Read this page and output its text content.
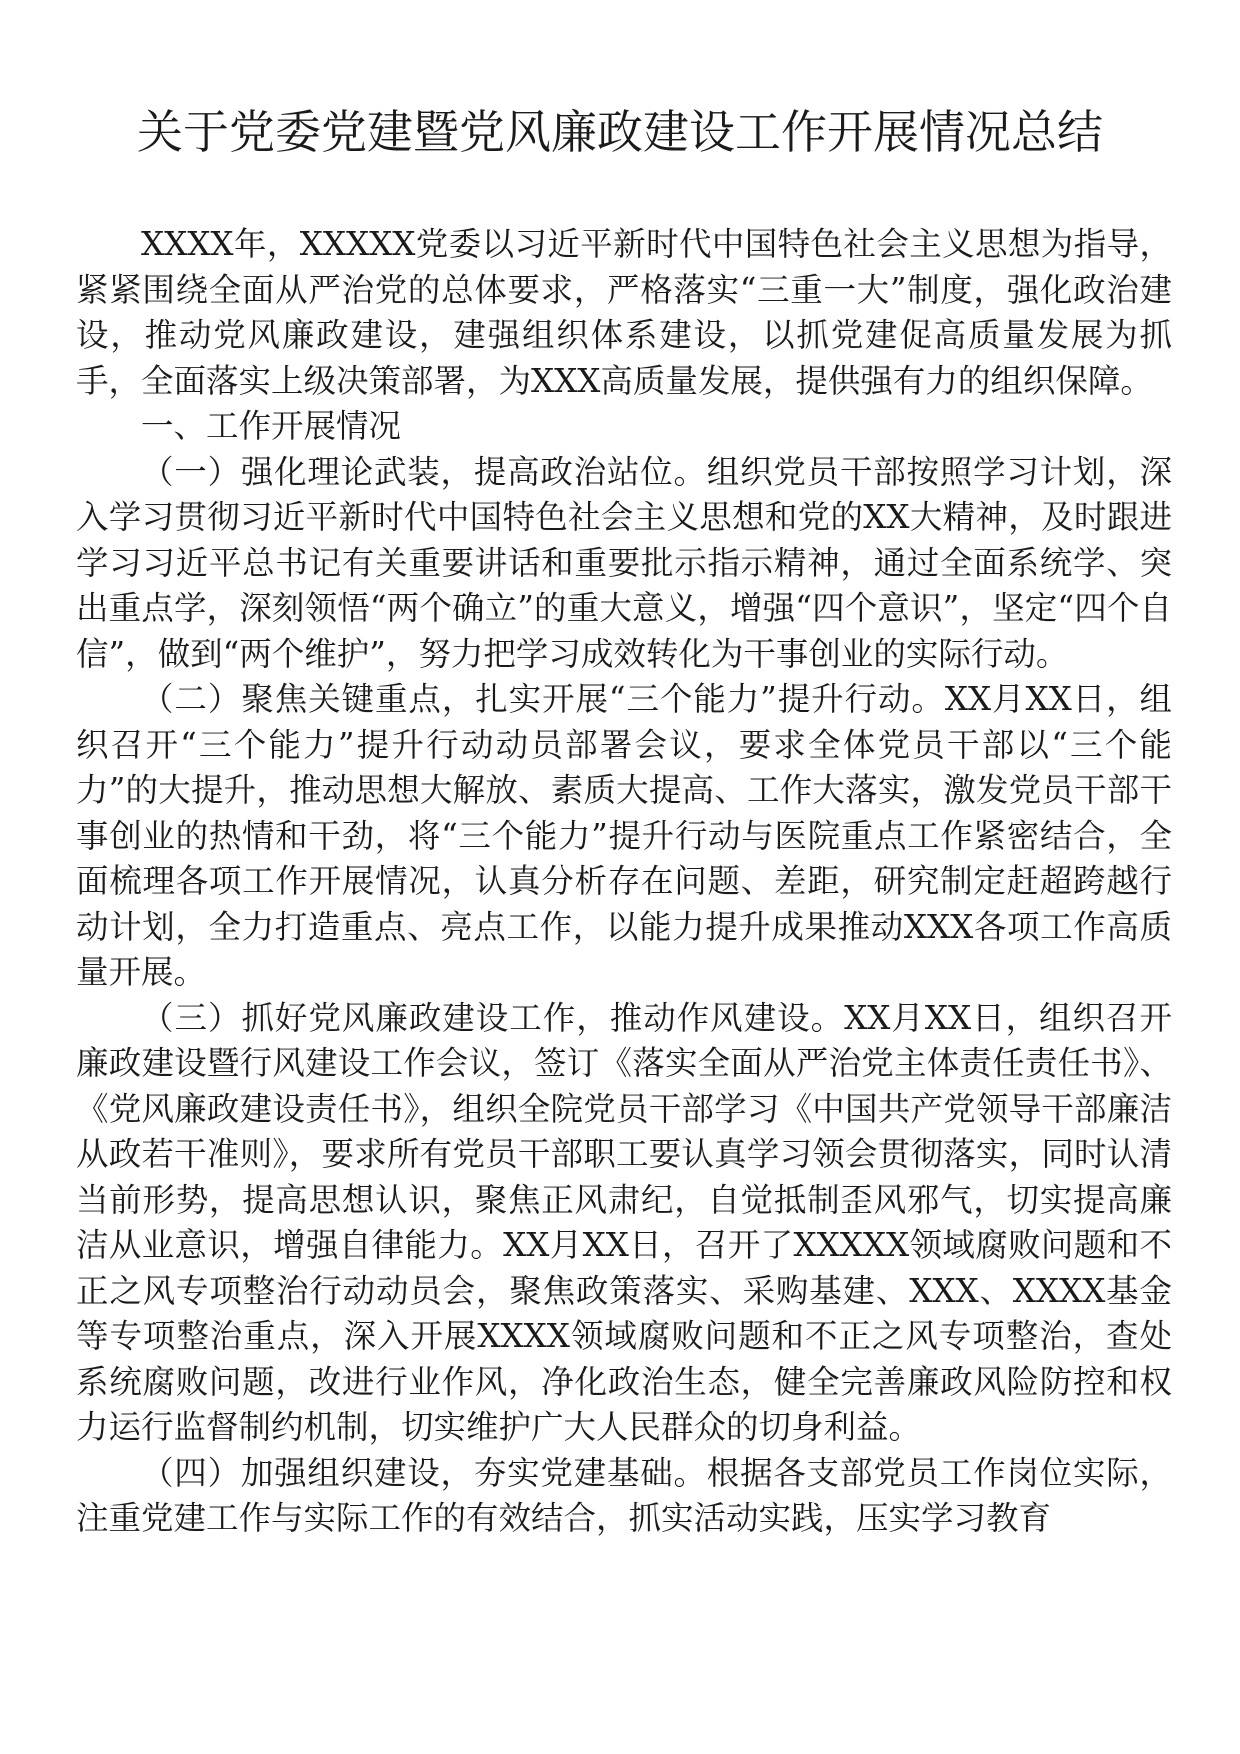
关于党委党建暨党风廉政建设工作开展情况总结

XXXX年，XXXXX党委以习近平新时代中国特色社会主义思想为指导，紧紧围绕全面从严治党的总体要求，严格落实“三重一大”制度，强化政治建设，推动党风廉政建设，建强组织体系建设，以抓党建促高质量发展为抓手，全面落实上级决策部署，为XXX高质量发展，提供强有力的组织保障。

一、工作开展情况

（一）强化理论武装，提高政治站位。组织党员干部按照学习计划，深入学习贯彻习近平新时代中国特色社会主义思想和党的XX大精神，及时跟进学习习近平总书记有关重要讲话和重要批示指示精神，通过全面系统学、突出重点学，深刻领悟“两个确立”的重大意义，增强“四个意识”，坚定“四个自信”，做到“两个维护”，努力把学习成效转化为干事创业的实际行动。

（二）聚焦关键重点，扎实开展“三个能力”提升行动。XX月XX日，组织召开“三个能力”提升行动动员部署会议，要求全体党员干部以“三个能力”的大提升，推动思想大解放、素质大提高、工作大落实，激发党员干部干事创业的热情和干劲，将“三个能力”提升行动与医院重点工作紧密结合，全面梳理各项工作开展情况，认真分析存在问题、差距，研究制定赶超跨越行动计划，全力打造重点、亮点工作，以能力提升成果推动XXX各项工作高质量开展。

（三）抓好党风廉政建设工作，推动作风建设。XX月XX日，组织召开廉政建设暨行风建设工作会议，签订《落实全面从严治党主体责任责任书》、《党风廉政建设责任书》，组织全院党员干部学习《中国共产党领导干部廉洁从政若干准则》，要求所有党员干部职工要认真学习领会贯彻落实，同时认清当前形势，提高思想认识，聚焦正风肃纪，自觉抵制歪风邪气，切实提高廉洁从业意识，增强自律能力。XX月XX日，召开了XXXXX领域腐败问题和不正之风专项整治行动动员会，聚焦政策落实、采购基建、XXX、XXXX基金等专项整治重点，深入开展XXXX领域腐败问题和不正之风专项整治，查处系统腐败问题，改进行业作风，净化政治生态，健全完善廉政风险防控和权力运行监督制约机制，切实维护广大人民群众的切身利益。

（四）加强组织建设，夯实党建基础。根据各支部党员工作岗位实际，注重党建工作与实际工作的有效结合，抓实活动实践，压实学习教育
